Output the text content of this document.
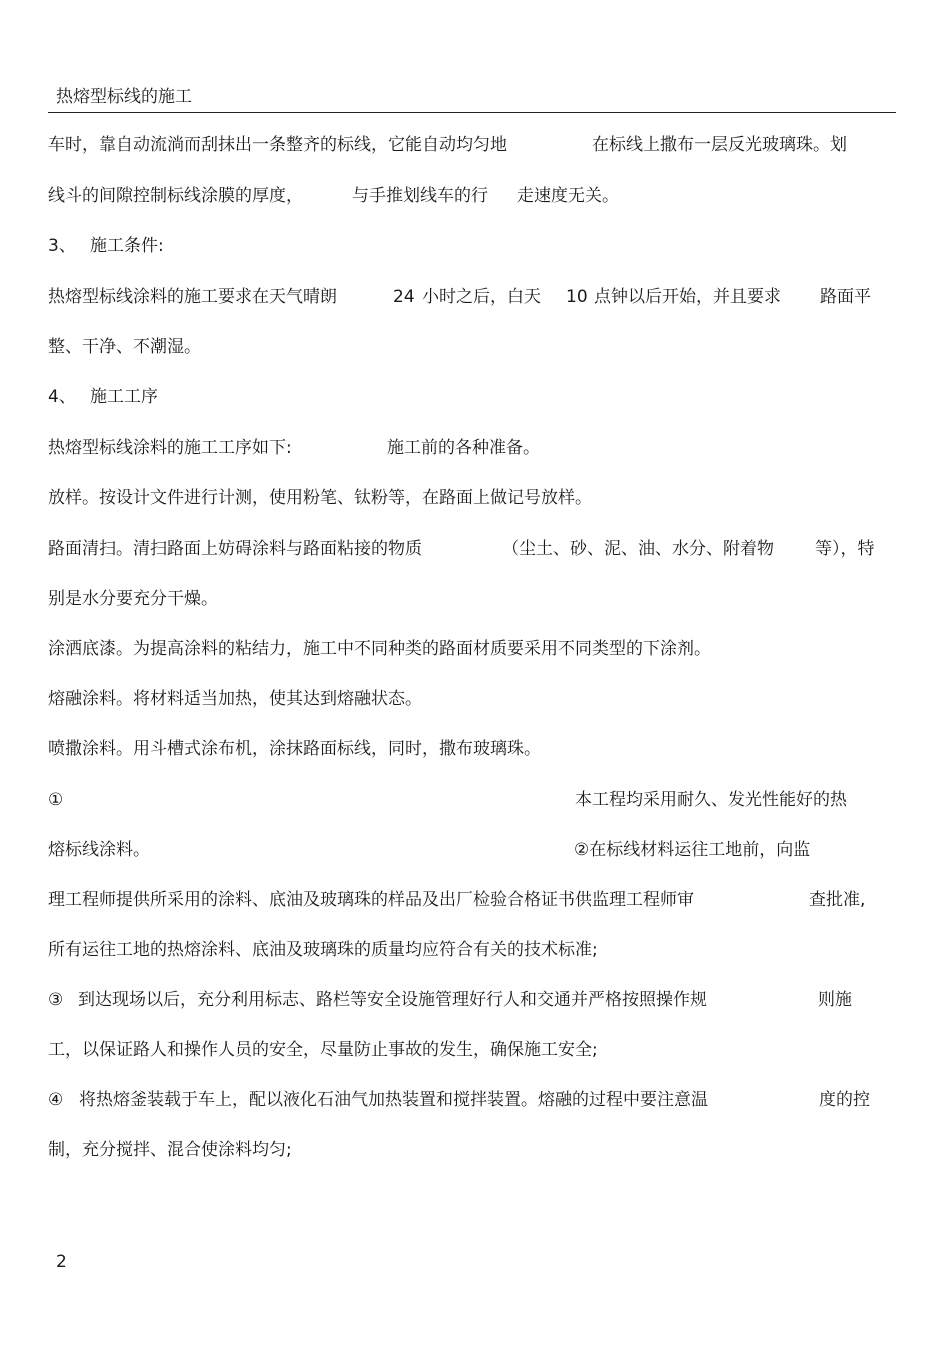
热熔型标线的施工
车时，靠自动流淌而刮抹出一条整齐的标线，它能自动均匀地	在标线上撒布一层反光玻璃珠。划
线斗的间隙控制标线涂膜的厚度，	与手推划线车的行 走速度无关。
3、 施工条件:
热熔型标线涂料的施工要求在天气晴朗	24 小时之后，白天 10 点钟以后开始，并且要求 路面平
整、干净、不潮湿。
4、 施工工序
热熔型标线涂料的施工工序如下:	施工前的各种准备。
放样。按设计文件进行计测，使用粉笔、钛粉等，在路面上做记号放样。
路面清扫。清扫路面上妨碍涂料与路面粘接的物质	（尘土、砂、泥、油、水分、附着物 等），特
别是水分要充分干燥。
涂洒底漆。为提高涂料的粘结力，施工中不同种类的路面材质要采用不同类型的下涂剂。
熔融涂料。将材料适当加热，使其达到熔融状态。
喷撒涂料。用斗槽式涂布机，涂抹路面标线，同时，撒布玻璃珠。
①	本工程均采用耐久、发光性能好的热
熔标线涂料。	②在标线材料运往工地前，向监
理工程师提供所采用的涂料、底油及玻璃珠的样品及出厂检验合格证书供监理工程师审	查批准,
所有运往工地的热熔涂料、底油及玻璃珠的质量均应符合有关的技术标准;
③ 到达现场以后，充分利用标志、路栏等安全设施管理好行人和交通并严格按照操作规	则施
工，以保证路人和操作人员的安全，尽量防止事故的发生，确保施工安全;
④ 将热熔釜装载于车上，配以液化石油气加热装置和搅拌装置。熔融的过程中要注意温	度的控
制，充分搅拌、混合使涂料均匀;
2
